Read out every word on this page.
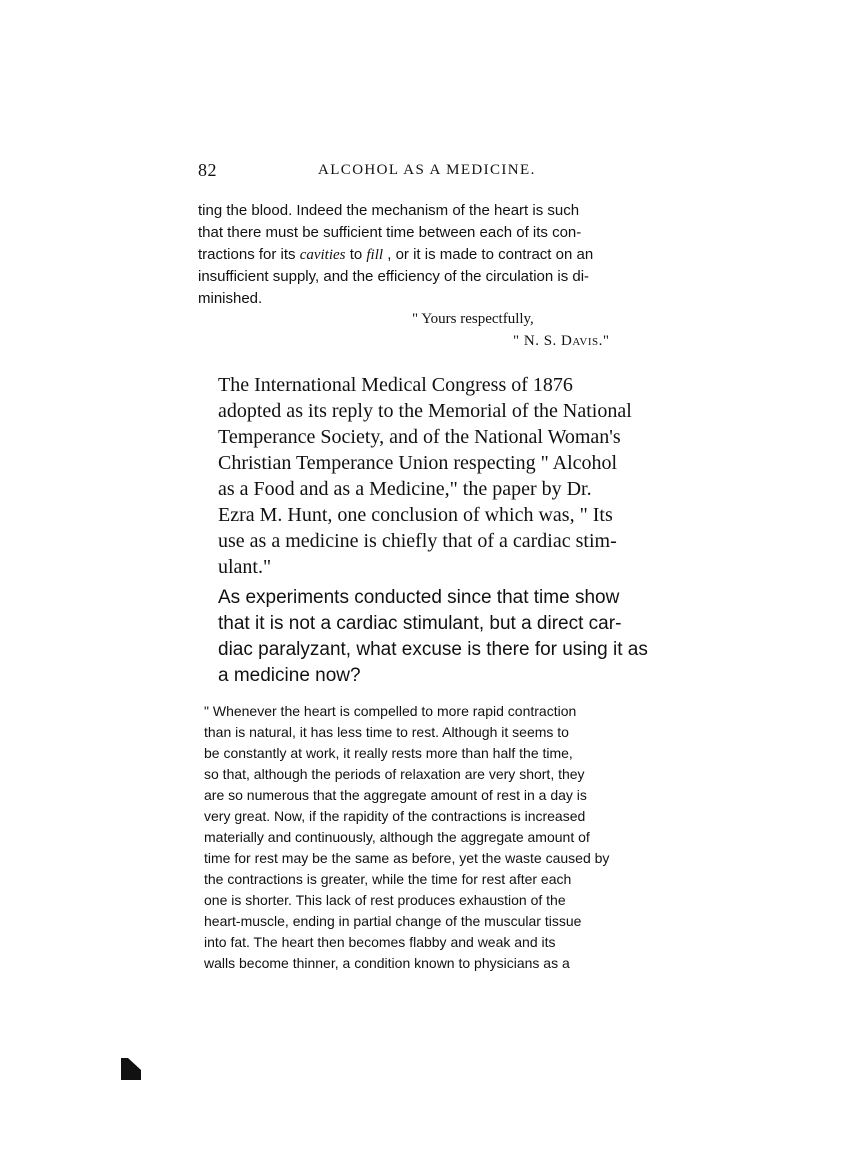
82	ALCOHOL AS A MEDICINE.
ting the blood. Indeed the mechanism of the heart is such
that there must be sufficient time between each of its con-
tractions for its cavities to fill , or it is made to contract on an
insufficient supply, and the efficiency of the circulation is di-
minished.
" Yours respectfully,
" N. S. Davis."
The International Medical Congress of 1876
adopted as its reply to the Memorial of the National
Temperance Society, and of the National Woman's
Christian Temperance Union respecting " Alcohol
as a Food and as a Medicine," the paper by Dr.
Ezra M. Hunt, one conclusion of which was, " Its
use as a medicine is chiefly that of a cardiac stim-
ulant."
As experiments conducted since that time show
that it is not a cardiac stimulant, but a direct car-
diac paralyzant, what excuse is there for using it as
a medicine now?
" Whenever the heart is compelled to more rapid contraction
than is natural, it has less time to rest. Although it seems to
be constantly at work, it really rests more than half the time,
so that, although the periods of relaxation are very short, they
are so numerous that the aggregate amount of rest in a day is
very great. Now, if the rapidity of the contractions is increased
materially and continuously, although the aggregate amount of
time for rest may be the same as before, yet the waste caused by
the contractions is greater, while the time for rest after each
one is shorter. This lack of rest produces exhaustion of the
heart-muscle, ending in partial change of the muscular tissue
into fat. The heart then becomes flabby and weak and its
walls become thinner, a condition known to physicians as a
